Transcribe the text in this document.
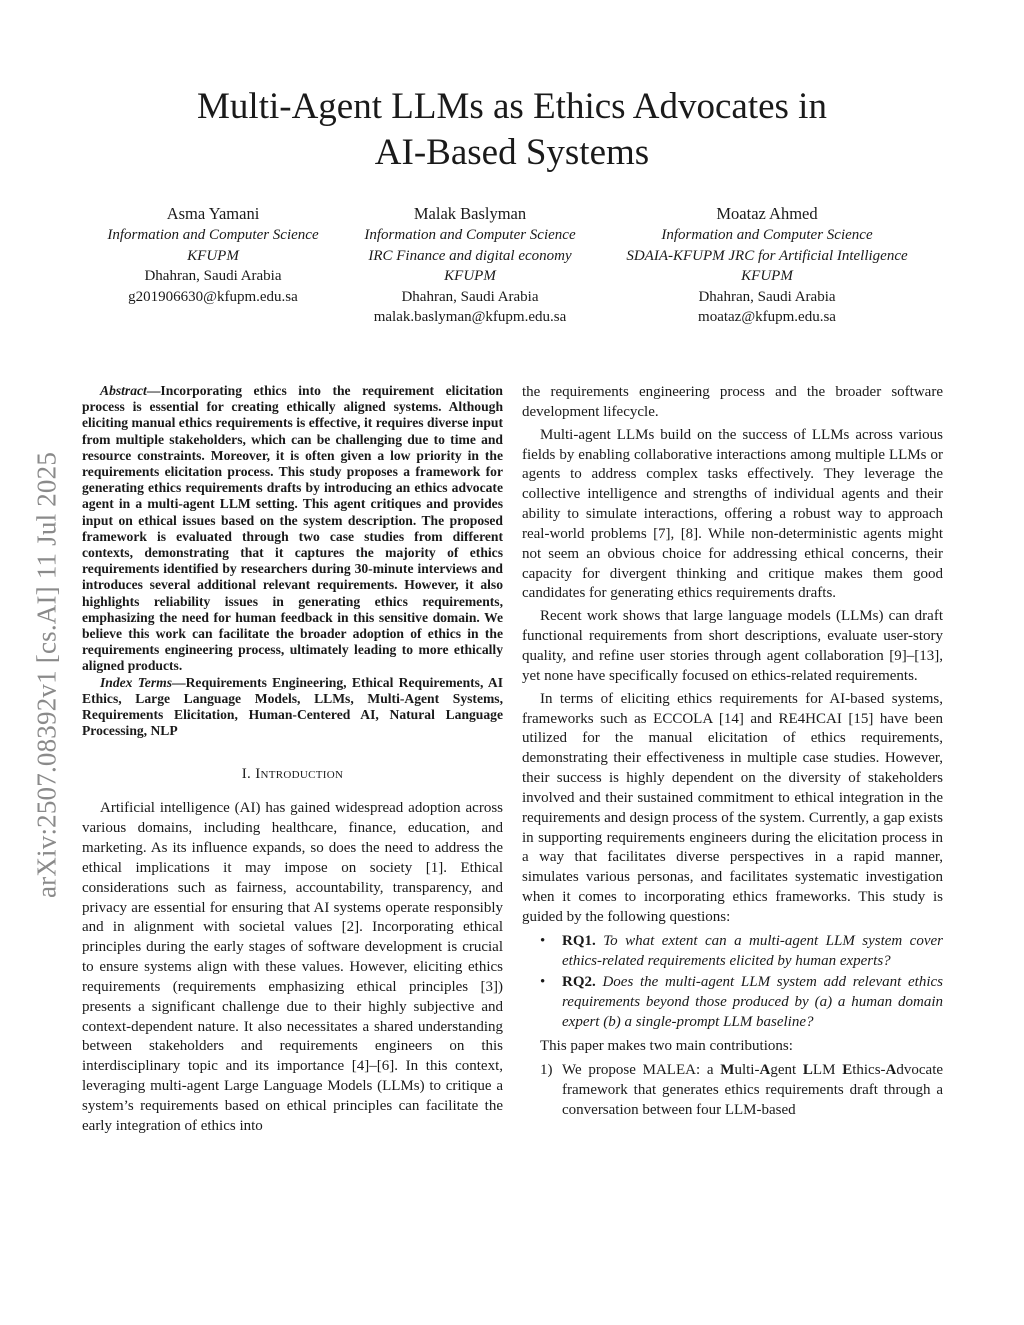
arXiv:2507.08392v1 [cs.AI] 11 Jul 2025
Multi-Agent LLMs as Ethics Advocates in
AI-Based Systems
Asma Yamani
Information and Computer Science
KFUPM
Dhahran, Saudi Arabia
g201906630@kfupm.edu.sa
Malak Baslyman
Information and Computer Science
IRC Finance and digital economy
KFUPM
Dhahran, Saudi Arabia
malak.baslyman@kfupm.edu.sa
Moataz Ahmed
Information and Computer Science
SDAIA-KFUPM JRC for Artificial Intelligence
KFUPM
Dhahran, Saudi Arabia
moataz@kfupm.edu.sa

Abstract—Incorporating ethics into the requirement elicitation process is essential for creating ethically aligned systems. Although eliciting manual ethics requirements is effective, it requires diverse input from multiple stakeholders, which can be challenging due to time and resource constraints. Moreover, it is often given a low priority in the requirements elicitation process. This study proposes a framework for generating ethics requirements drafts by introducing an ethics advocate agent in a multi-agent LLM setting. This agent critiques and provides input on ethical issues based on the system description. The proposed framework is evaluated through two case studies from different contexts, demonstrating that it captures the majority of ethics requirements identified by researchers during 30-minute interviews and introduces several additional relevant requirements. However, it also highlights reliability issues in generating ethics requirements, emphasizing the need for human feedback in this sensitive domain. We believe this work can facilitate the broader adoption of ethics in the requirements engineering process, ultimately leading to more ethically aligned products.

Index Terms—Requirements Engineering, Ethical Requirements, AI Ethics, Large Language Models, LLMs, Multi-Agent Systems, Requirements Elicitation, Human-Centered AI, Natural Language Processing, NLP

I. Introduction

Artificial intelligence (AI) has gained widespread adoption across various domains, including healthcare, finance, education, and marketing. As its influence expands, so does the need to address the ethical implications it may impose on society [1]. Ethical considerations such as fairness, accountability, transparency, and privacy are essential for ensuring that AI systems operate responsibly and in alignment with societal values [2]. Incorporating ethical principles during the early stages of software development is crucial to ensure systems align with these values. However, eliciting ethics requirements (requirements emphasizing ethical principles [3]) presents a significant challenge due to their highly subjective and context-dependent nature. It also necessitates a shared understanding between stakeholders and requirements engineers on this interdisciplinary topic and its importance [4]–[6]. In this context, leveraging multi-agent Large Language Models (LLMs) to critique a system’s requirements based on ethical principles can facilitate the early integration of ethics into

the requirements engineering process and the broader software development lifecycle.

Multi-agent LLMs build on the success of LLMs across various fields by enabling collaborative interactions among multiple LLMs or agents to address complex tasks effectively. They leverage the collective intelligence and strengths of individual agents and their ability to simulate interactions, offering a robust way to approach real-world problems [7], [8]. While non-deterministic agents might not seem an obvious choice for addressing ethical concerns, their capacity for divergent thinking and critique makes them good candidates for generating ethics requirements drafts.

Recent work shows that large language models (LLMs) can draft functional requirements from short descriptions, evaluate user-story quality, and refine user stories through agent collaboration [9]–[13], yet none have specifically focused on ethics-related requirements.

In terms of eliciting ethics requirements for AI-based systems, frameworks such as ECCOLA [14] and RE4HCAI [15] have been utilized for the manual elicitation of ethics requirements, demonstrating their effectiveness in multiple case studies. However, their success is highly dependent on the diversity of stakeholders involved and their sustained commitment to ethical integration in the requirements and design process of the system. Currently, a gap exists in supporting requirements engineers during the elicitation process in a way that facilitates diverse perspectives in a rapid manner, simulates various personas, and facilitates systematic investigation when it comes to incorporating ethics frameworks. This study is guided by the following questions:

• RQ1. To what extent can a multi-agent LLM system cover ethics-related requirements elicited by human experts?
• RQ2. Does the multi-agent LLM system add relevant ethics requirements beyond those produced by (a) a human domain expert (b) a single-prompt LLM baseline?

This paper makes two main contributions:

1) We propose MALEA: a Multi-Agent LLM Ethics-Advocate framework that generates ethics requirements draft through a conversation between four LLM-based
